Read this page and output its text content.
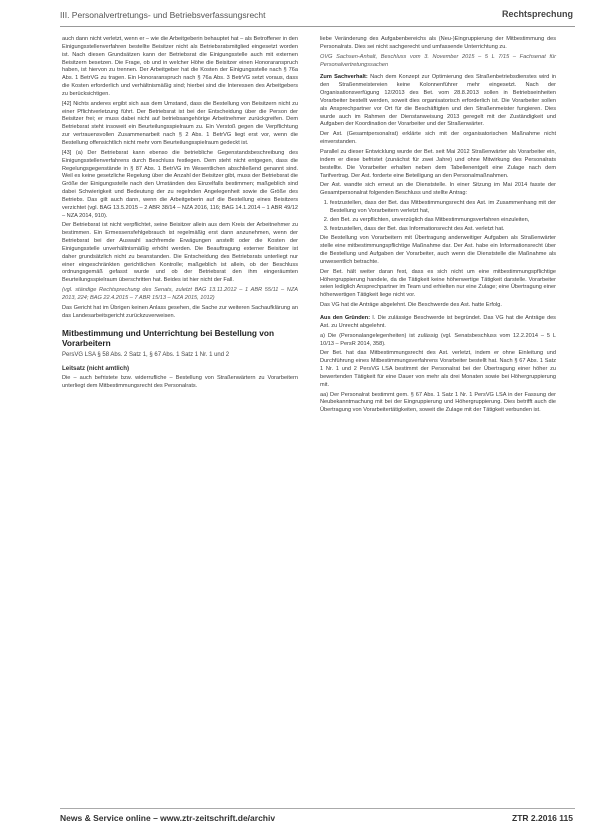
III. Personalvertretungs- und Betriebsverfassungsrecht	Rechtsprechung

auch dann nicht verletzt, wenn er – wie die Arbeitgeberin behauptet hat – als Betroffener in den Einigungsstellenverfahren bestellte Beisitzer nicht als Betriebsratsmitglied eingesetzt worden ist. Nach diesen Grundsätzen kann der Betriebsrat die Einigungsstelle auch mit externen Beisitzern besetzen. Die Frage, ob und in welcher Höhe die Beisitzer einen Honoraranspruch haben, ist hiervon zu trennen. Der Arbeitgeber hat die Kosten der Einigungsstelle nach § 76a Abs. 1 BetrVG zu tragen. Ein Honoraranspruch nach § 76a Abs. 3 BetrVG setzt voraus, dass die Kosten erforderlich und verhältnismäßig sind; hierbei sind die Interessen des Arbeitgebers zu berücksichtigen.

[42] Nichts anderes ergibt sich aus dem Umstand, dass die Bestellung von Beisitzern nicht zu einer Pflichtverletzung führt. Der Betriebsrat ist bei der Entscheidung über die Person der Beisitzer frei; er muss dabei nicht auf betriebsangehörige Arbeitnehmer zurückgreifen. Dem Betriebsrat steht insoweit ein Beurteilungsspielraum zu. Ein Verstoß gegen die Verpflichtung zur vertrauensvollen Zusammenarbeit nach § 2 Abs. 1 BetrVG liegt erst vor, wenn die Bestellung offensichtlich nicht mehr vom Beurteilungsspielraum gedeckt ist.

[43] (a) Der Betriebsrat kann ebenso die betriebliche Gegenstandsbeschreibung des Einigungsstellenverfahrens durch Beschluss festlegen. Dem steht nicht entgegen, dass die Regelungsgegenstände in § 87 Abs. 1 BetrVG im Wesentlichen abschließend genannt sind. Weil es keine gesetzliche Regelung über die Anzahl der Beisitzer gibt, muss der Betriebsrat die Größe der Einigungsstelle nach den Umständen des Einzelfalls bestimmen; maßgeblich sind dabei Schwierigkeit und Bedeutung der zu regelnden Angelegenheit sowie die Größe des Betriebs. Das gilt auch dann, wenn die Arbeitgeberin auf die Bestellung eines Beisitzers verzichtet (vgl. BAG 13.5.2015 – 2 ABR 38/14 – NZA 2016, 116; BAG 14.1.2014 – 1 ABR 49/12 – NZA 2014, 910).

Der Betriebsrat ist nicht verpflichtet, seine Beisitzer allein aus dem Kreis der Arbeitnehmer zu bestimmen. Ein Ermessensfehlgebrauch ist regelmäßig erst dann anzunehmen, wenn der Betriebsrat bei der Auswahl sachfremde Erwägungen anstellt oder die Kosten der Einigungsstelle unverhältnismäßig erhöht werden. Die Beauftragung externer Beisitzer ist daher grundsätzlich nicht zu beanstanden. Die Entscheidung des Betriebsrats unterliegt nur einer eingeschränkten gerichtlichen Kontrolle; maßgeblich ist allein, ob der Beschluss ordnungsgemäß gefasst wurde und ob der Betriebsrat den ihm eingeräumten Beurteilungsspielraum überschritten hat. Beides ist hier nicht der Fall.

(vgl. ständige Rechtsprechung des Senats, zuletzt BAG 13.11.2012 – 1 ABR 55/11 – NZA 2013, 224; BAG 22.4.2015 – 7 ABR 15/13 – NZA 2015, 1012)

Das Gericht hat im Übrigen keinen Anlass gesehen, die Sache zur weiteren Sachaufklärung an das Landesarbeitsgericht zurückzuverweisen.

Mitbestimmung und Unterrichtung bei Bestellung von Vorarbeitern

PersVG LSA § 58 Abs. 2 Satz 1, § 67 Abs. 1 Satz 1 Nr. 1 und 2

Leitsatz (nicht amtlich)

Die – auch befristete bzw. widerrufliche – Bestellung von Straßenwärtern zu Vorarbeitern unterliegt dem Mitbestimmungsrecht des Personalrats.

liebe Veränderung des Aufgabenbereichs als (Neu-)Eingruppierung der Mitbestimmung des Personalrats. Dies sei nicht sachgerecht und umfassende Unterrichtung zu.

OVG Sachsen-Anhalt, Beschluss vom 3. November 2015 – 5 L 7/15 – Fachsenat für Personalvertretungssachen

Zum Sachverhalt: Nach dem Konzept zur Optimierung des Straßenbetriebsdienstes wird in den Straßenmeistereien keine Kolonnenführer mehr eingesetzt. Nach der Organisationsverfügung 12/2013 des Bet. vom 28.8.2013 sollen in Betriebseinheiten Vorarbeiter bestellt werden, soweit dies organisatorisch erforderlich ist. Die Vorarbeiter sollen als Ansprechpartner vor Ort für die Beschäftigten und den Straßenmeister fungieren. Dies wurde auch im Rahmen der Dienstanweisung 2013 geregelt mit der Zuständigkeit und Aufgaben der Koordination der Vorarbeiter und der Straßenwärter.

Der Ast. (Gesamtpersonalrat) erklärte sich mit der organisatorischen Maßnahme nicht einverstanden.

Parallel zu dieser Entwicklung wurde der Bet. seit Mai 2012 Straßenwärter als Vorarbeiter ein, indem er diese befristet (zunächst für zwei Jahre) und ohne Mitwirkung des Personalrats bestellte. Die Vorarbeiter erhalten neben dem Tabellenentgelt eine Zulage nach dem Tarifvertrag. Der Ast. forderte eine Beteiligung an den Personalmaßnahmen.

Der Ast. wandte sich erneut an die Dienststelle. In einer Sitzung im Mai 2014 fasste der Gesamtpersonalrat folgenden Beschluss und stellte Antrag:

1. festzustellen, dass der Bet. das Mitbestimmungsrecht des Ast. im Zusammenhang mit der Bestellung von Vorarbeitern verletzt hat,
2. den Bet. zu verpflichten, unverzüglich das Mitbestimmungsverfahren einzuleiten,
3. festzustellen, dass der Bet. das Informationsrecht des Ast. verletzt hat.

Die Bestellung von Vorarbeitern mit Übertragung anderweitiger Aufgaben als Straßenwärter stelle eine mitbestimmungspflichtige Maßnahme dar. Der Ast. habe ein Informationsrecht über die Bestellung und Aufgaben der Vorarbeiter, auch wenn die Dienststelle die Maßnahme als unwesentlich betrachte.

Der Bet. hält weiter daran fest, dass es sich nicht um eine mitbestimmungspflichtige Höhergruppierung handele, da die Tätigkeit keine höherwertige Tätigkeit darstelle. Vorarbeiter seien lediglich Ansprechpartner im Team und erhielten nur eine Zulage; eine Übertragung einer höherwertigen Tätigkeit liege nicht vor.

Das VG hat die Anträge abgelehnt. Die Beschwerde des Ast. hatte Erfolg.

Aus den Gründen: I. Die zulässige Beschwerde ist begründet. Das VG hat die Anträge des Ast. zu Unrecht abgelehnt.

a) Die (Personalangelegenheiten) ist zulässig (vgl. Senatsbeschluss vom 12.2.2014 – 5 L 10/13 – PersR 2014, 358).

Der Bet. hat das Mitbestimmungsrecht des Ast. verletzt, indem er ohne Einleitung und Durchführung eines Mitbestimmungsverfahrens Vorarbeiter bestellt hat. Nach § 67 Abs. 1 Satz 1 Nr. 1 und 2 PersVG LSA bestimmt der Personalrat bei der Übertragung einer höher zu bewertenden Tätigkeit für eine Dauer von mehr als drei Monaten sowie bei Höhergruppierung mit.

aa) Der Personalrat bestimmt gem. § 67 Abs. 1 Satz 1 Nr. 1 PersVG LSA in der Fassung der Neubekanntmachung mit bei der Eingruppierung und Höhergruppierung. Dies betrifft auch die Übertragung von Vorarbeitertätigkeiten, soweit die Zulage mit der Tätigkeit verbunden ist.

News & Service online – www.ztr-zeitschrift.de/archiv	ZTR 2.2016 115
